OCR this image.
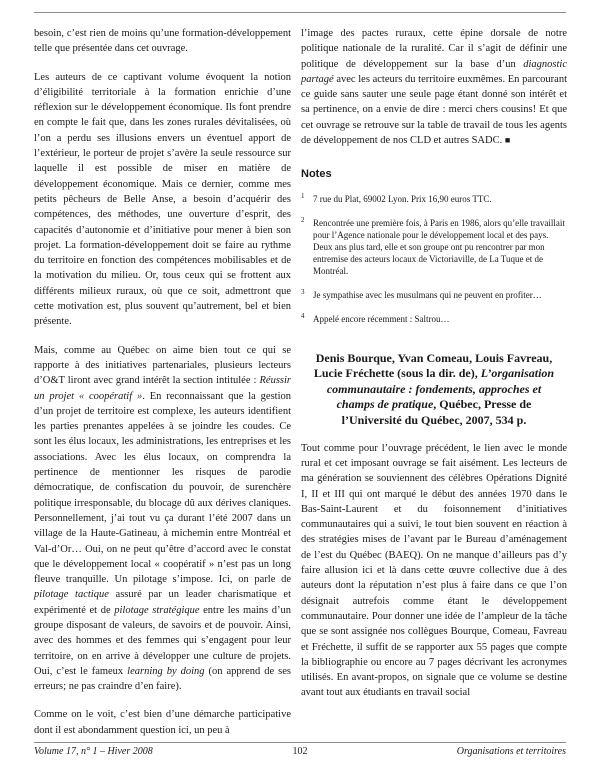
besoin, c’est rien de moins qu’une formation-développement telle que présentée dans cet ouvrage.

Les auteurs de ce captivant volume évoquent la notion d’éligibilité territoriale à la formation enrichie d’une réflexion sur le développement économique. Ils font prendre en compte le fait que, dans les zones rurales dévitalisées, où l’on a perdu ses illusions envers un éventuel apport de l’extérieur, le porteur de projet s’avère la seule ressource sur laquelle il est possible de miser en matière de développement économique. Mais ce dernier, comme mes petits pêcheurs de Belle Anse, a besoin d’acquérir des compétences, des méthodes, une ouverture d’esprit, des capacités d’autonomie et d’initiative pour mener à bien son projet. La formation-développement doit se faire au rythme du territoire en fonction des compétences mobilisables et de la motivation du milieu. Or, tous ceux qui se frottent aux différents milieux ruraux, où que ce soit, admettront que cette motivation est, plus souvent qu’autrement, bel et bien présente.

Mais, comme au Québec on aime bien tout ce qui se rapporte à des initiatives partenariales, plusieurs lecteurs d’O&T liront avec grand intérêt la section intitulée : Réussir un projet « coopératif ». En reconnaissant que la gestion d’un projet de territoire est complexe, les auteurs identifient les parties prenantes appelées à se joindre les coudes. Ce sont les élus locaux, les administrations, les entreprises et les associations. Avec les élus locaux, on comprendra la pertinence de mentionner les risques de parodie démocratique, de confiscation du pouvoir, de surenchère politique irresponsable, du blocage dû aux dérives claniques. Personnellement, j’ai tout vu ça durant l’été 2007 dans un village de la Haute-Gatineau, à michemin entre Montréal et Val-d’Or… Oui, on ne peut qu’être d’accord avec le constat que le développement local « coopératif » n’est pas un long fleuve tranquille. Un pilotage s’impose. Ici, on parle de pilotage tactique assuré par un leader charismatique et expérimenté et de pilotage stratégique entre les mains d’un groupe disposant de valeurs, de savoirs et de pouvoir. Ainsi, avec des hommes et des femmes qui s’engagent pour leur territoire, on en arrive à développer une culture de projets. Oui, c’est le fameux learning by doing (on apprend de ses erreurs; ne pas craindre d’en faire).

Comme on le voit, c’est bien d’une démarche participative dont il est abondamment question ici, un peu à

l’image des pactes ruraux, cette épine dorsale de notre politique nationale de la ruralité. Car il s’agit de définir une politique de développement sur la base d’un diagnostic partagé avec les acteurs du territoire euxmêmes. En parcourant ce guide sans sauter une seule page étant donné son intérêt et sa pertinence, on a envie de dire : merci chers cousins! Et que cet ouvrage se retrouve sur la table de travail de tous les agents de développement de nos CLD et autres SADC. ■

Notes
1 7 rue du Plat, 69002 Lyon. Prix 16,90 euros TTC.
2 Rencontrée une première fois, à Paris en 1986, alors qu’elle travaillait pour l’Agence nationale pour le développement local et des pays. Deux ans plus tard, elle et son groupe ont pu rencontrer par mon entremise des acteurs locaux de Victoriaville, de La Tuque et de Montréal.
3 Je sympathise avec les musulmans qui ne peuvent en profiter…
4 Appelé encore récemment : Saltrou…
Denis Bourque, Yvan Comeau, Louis Favreau, Lucie Fréchette (sous la dir. de), L’organisation communautaire : fondements, approches et champs de pratique, Québec, Presse de l’Université du Québec, 2007, 534 p.

Tout comme pour l’ouvrage précédent, le lien avec le monde rural et cet imposant ouvrage se fait aisément. Les lecteurs de ma génération se souviennent des célèbres Opérations Dignité I, II et III qui ont marqué le début des années 1970 dans le Bas-Saint-Laurent et du foisonnement d’initiatives communautaires qui a suivi, le tout bien souvent en réaction à des stratégies mises de l’avant par le Bureau d’aménagement de l’est du Québec (BAEQ). On ne manque d’ailleurs pas d’y faire allusion ici et là dans cette œuvre collective due à des auteurs dont la réputation n’est plus à faire dans ce que l’on désignait autrefois comme étant le développement communautaire. Pour donner une idée de l’ampleur de la tâche que se sont assignée nos collègues Bourque, Comeau, Favreau et Fréchette, il suffit de se rapporter aux 55 pages que compte la bibliographie ou encore au 7 pages décrivant les acronymes utilisés. En avant-propos, on signale que ce volume se destine avant tout aux étudiants en travail social

Volume 17, n° 1 – Hiver 2008	102	Organisations et territoires
